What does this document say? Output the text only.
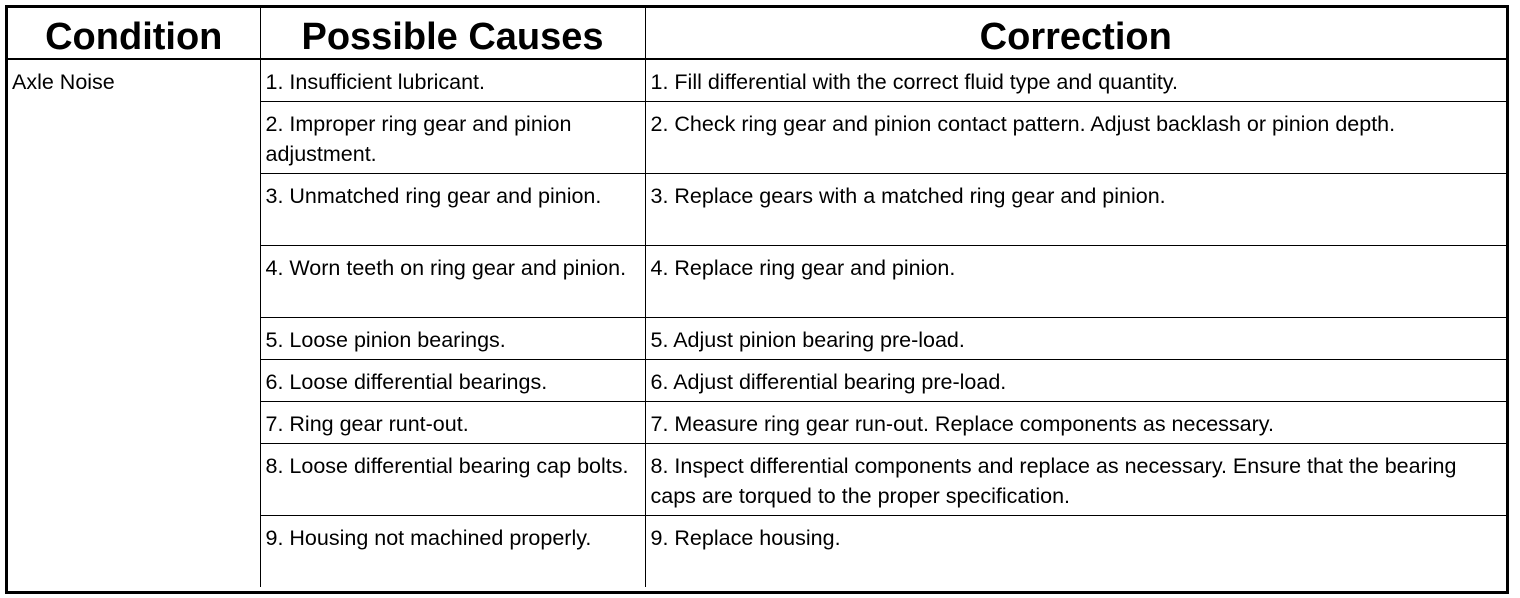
Condition	Possible Causes	Correction
Axle Noise	1. Insufficient lubricant.	1. Fill differential with the correct fluid type and quantity.
	2. Improper ring gear and pinion adjustment.	2. Check ring gear and pinion contact pattern. Adjust backlash or pinion depth.
	3. Unmatched ring gear and pinion.	3. Replace gears with a matched ring gear and pinion.
	4. Worn teeth on ring gear and pinion.	4. Replace ring gear and pinion.
	5. Loose pinion bearings.	5. Adjust pinion bearing pre-load.
	6. Loose differential bearings.	6. Adjust differential bearing pre-load.
	7. Ring gear runt-out.	7. Measure ring gear run-out. Replace components as necessary.
	8. Loose differential bearing cap bolts.	8. Inspect differential components and replace as necessary. Ensure that the bearing caps are torqued to the proper specification.
	9. Housing not machined properly.	9. Replace housing.
